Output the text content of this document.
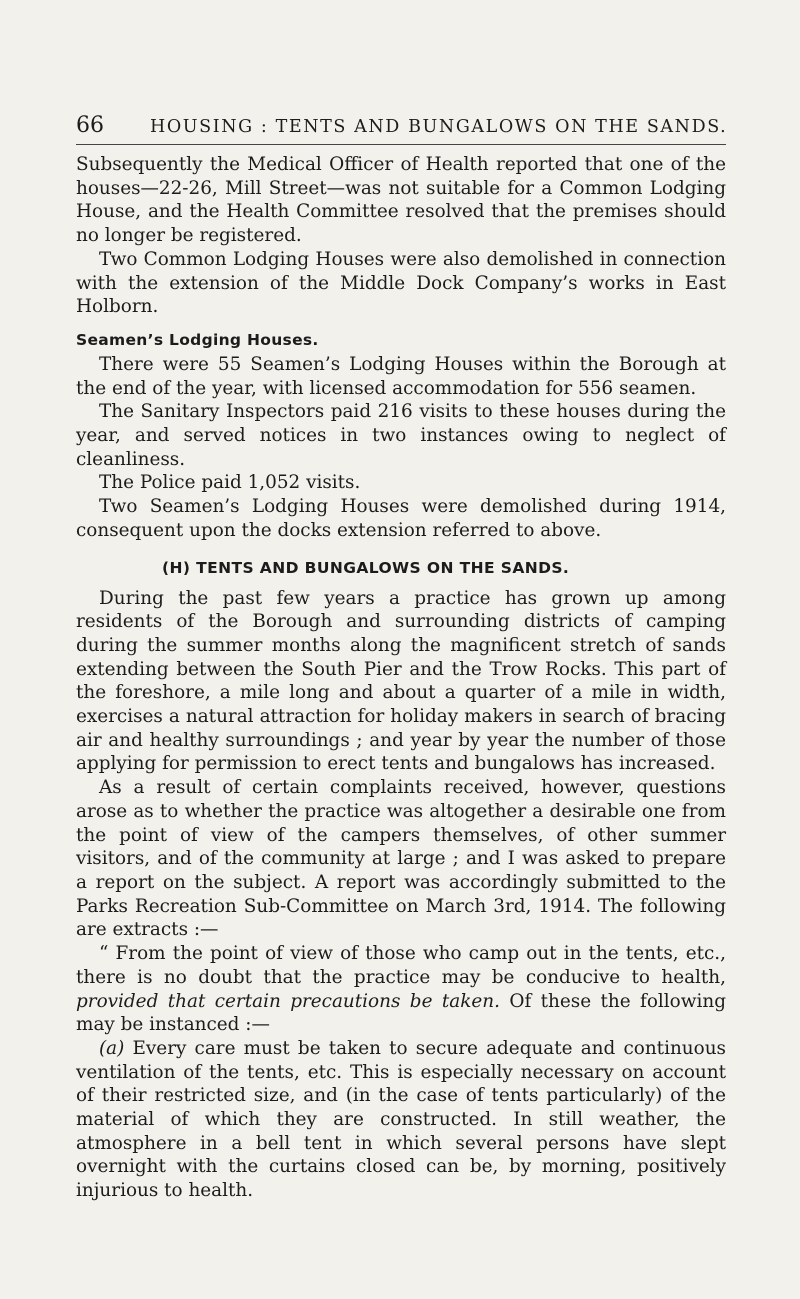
66	HOUSING : TENTS AND BUNGALOWS ON THE SANDS.

Subsequently the Medical Officer of Health reported that one of the houses—22-26, Mill Street—was not suitable for a Common Lodging House, and the Health Committee resolved that the premises should no longer be registered.

Two Common Lodging Houses were also demolished in connection with the extension of the Middle Dock Company’s works in East Holborn.

Seamen’s Lodging Houses.

There were 55 Seamen’s Lodging Houses within the Borough at the end of the year, with licensed accommodation for 556 seamen.

The Sanitary Inspectors paid 216 visits to these houses during the year, and served notices in two instances owing to neglect of cleanliness.

The Police paid 1,052 visits.

Two Seamen’s Lodging Houses were demolished during 1914, consequent upon the docks extension referred to above.

(H) TENTS AND BUNGALOWS ON THE SANDS.

During the past few years a practice has grown up among residents of the Borough and surrounding districts of camping during the summer months along the magnificent stretch of sands extending between the South Pier and the Trow Rocks. This part of the foreshore, a mile long and about a quarter of a mile in width, exercises a natural attraction for holiday makers in search of bracing air and healthy surroundings ; and year by year the number of those applying for permission to erect tents and bungalows has increased.

As a result of certain complaints received, however, questions arose as to whether the practice was altogether a desirable one from the point of view of the campers themselves, of other summer visitors, and of the community at large ; and I was asked to prepare a report on the subject. A report was accordingly submitted to the Parks Recreation Sub-Committee on March 3rd, 1914. The following are extracts :—

“ From the point of view of those who camp out in the tents, etc., there is no doubt that the practice may be conducive to health, provided that certain precautions be taken. Of these the following may be instanced :—

(a) Every care must be taken to secure adequate and continuous ventilation of the tents, etc. This is especially necessary on account of their restricted size, and (in the case of tents particularly) of the material of which they are constructed. In still weather, the atmosphere in a bell tent in which several persons have slept overnight with the curtains closed can be, by morning, positively injurious to health.
